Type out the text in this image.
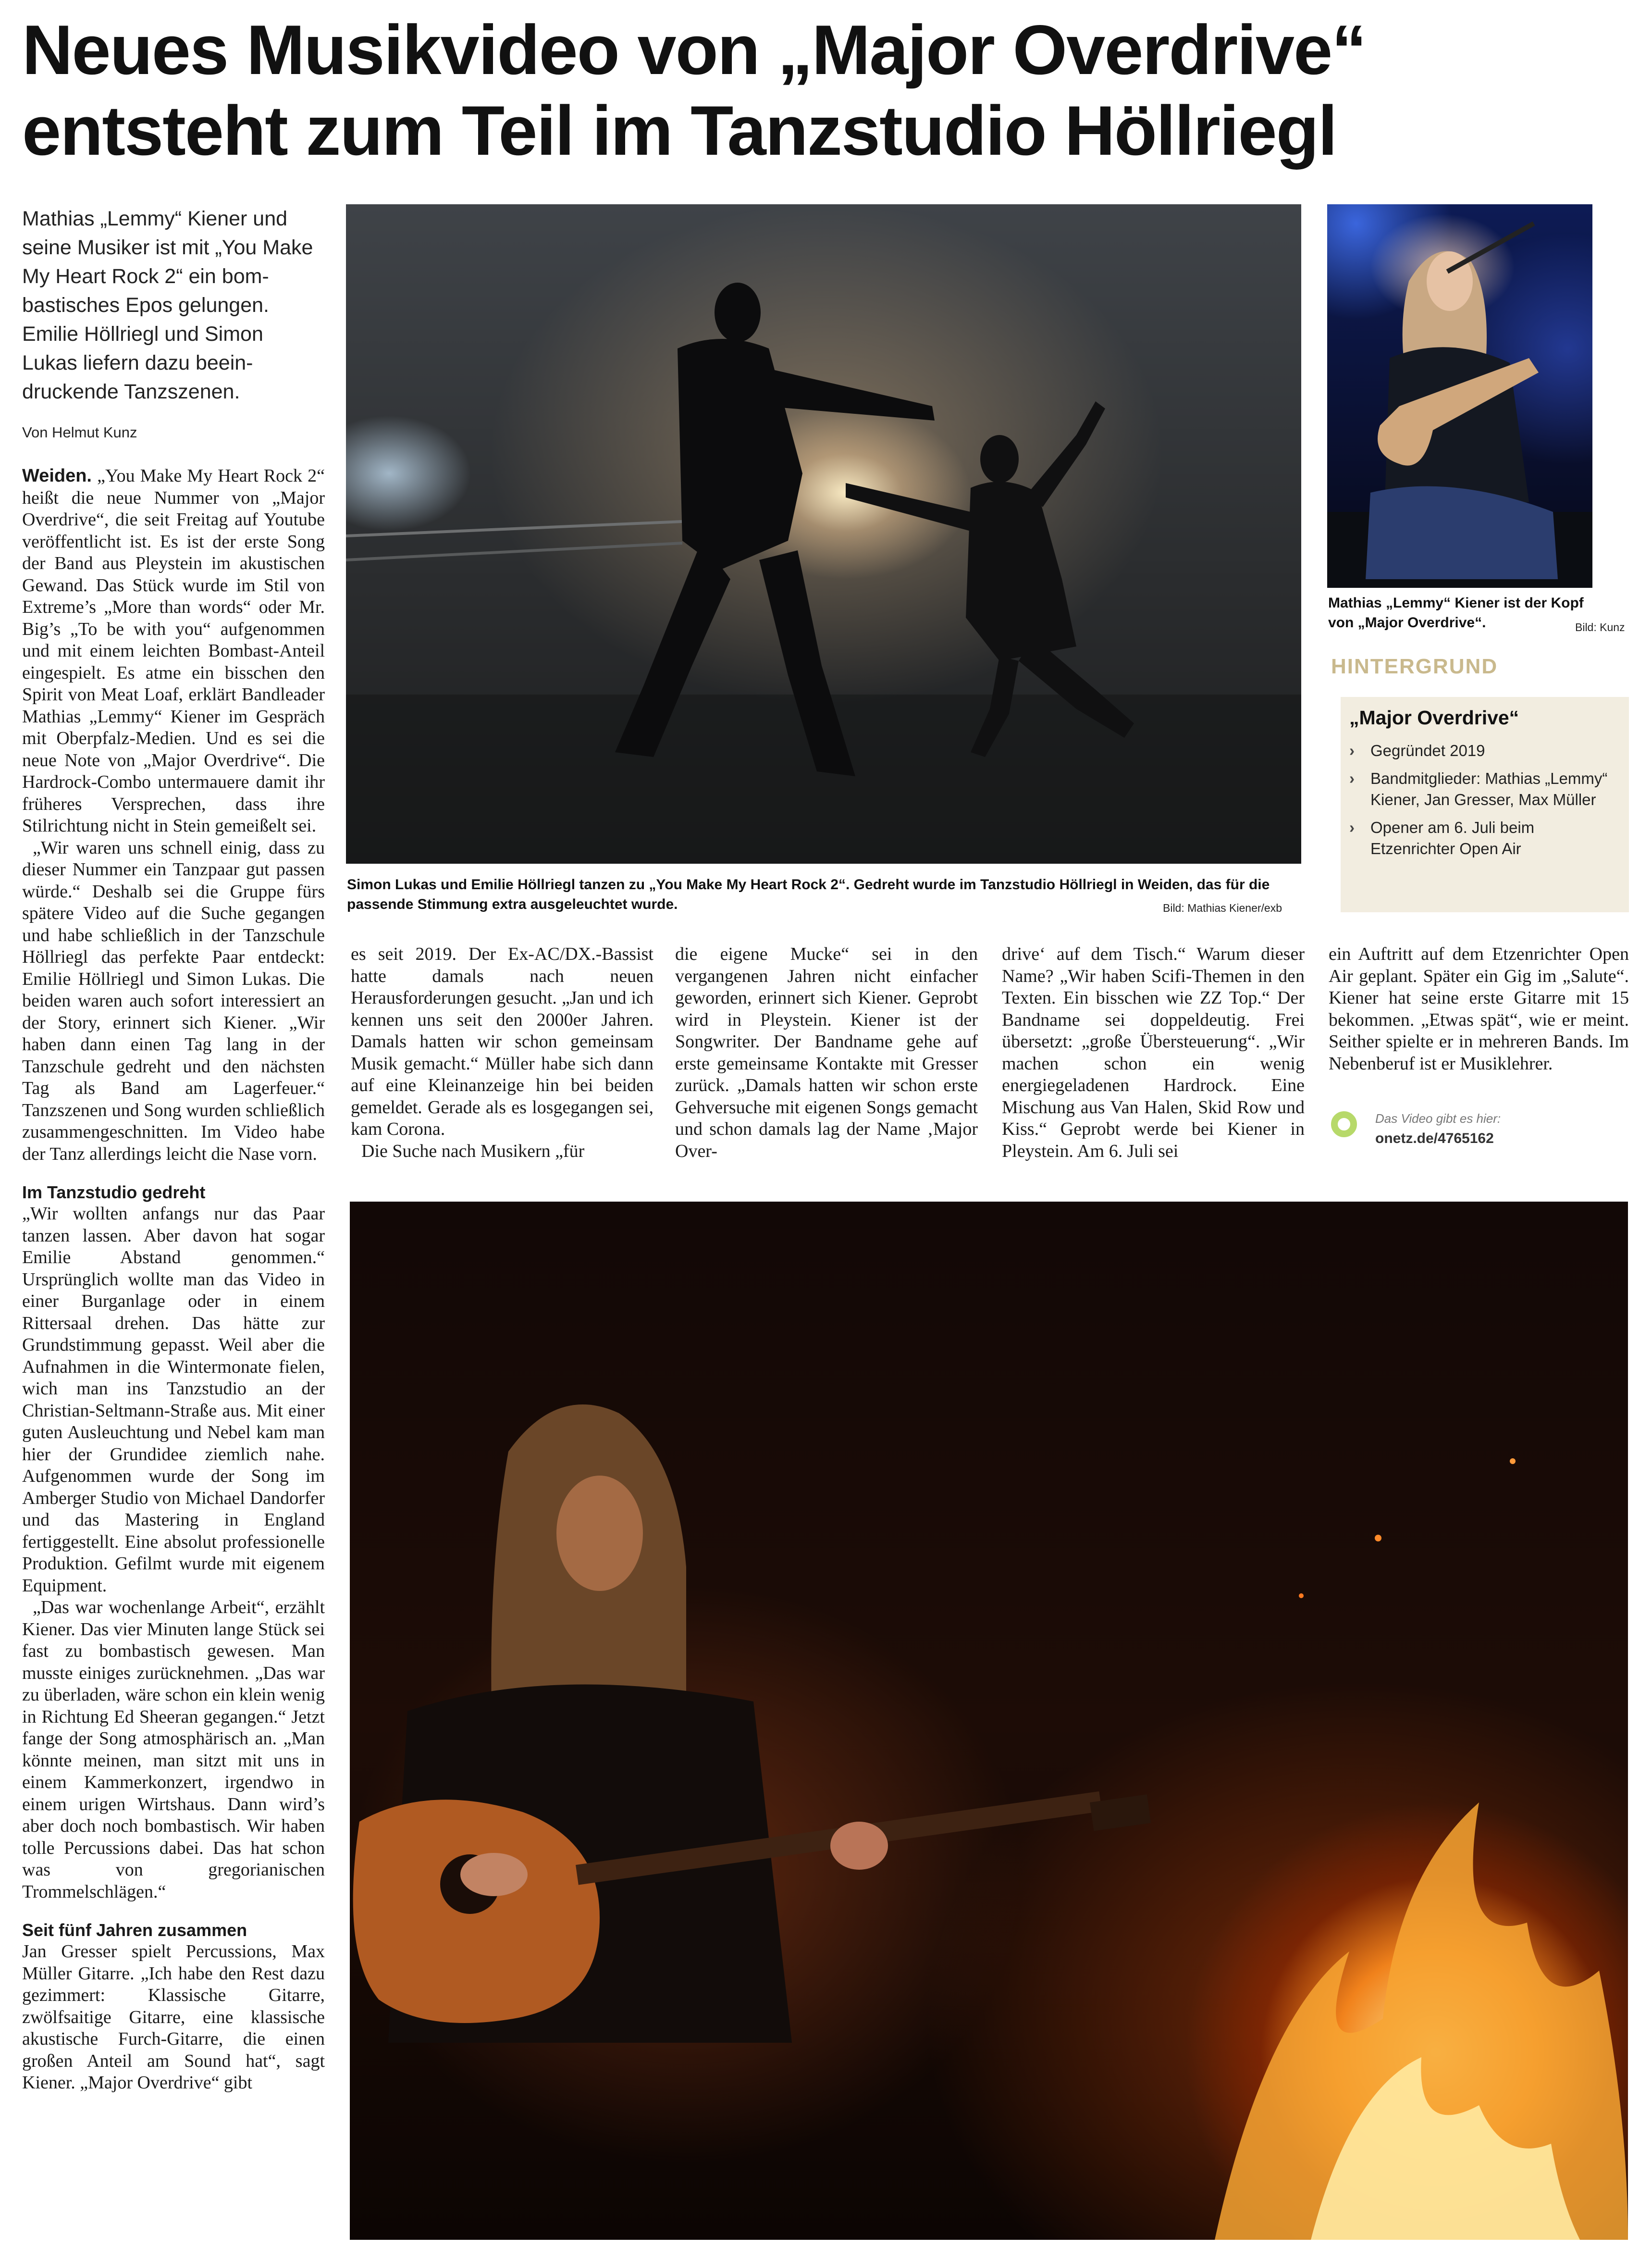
Neues Musikvideo von „Major Overdrive“
entsteht zum Teil im Tanzstudio Höllriegl
Mathias „Lemmy“ Kiener und
seine Musiker ist mit „You Make
My Heart Rock 2“ ein bom-
bastisches Epos gelungen.
Emilie Höllriegl und Simon
Lukas liefern dazu beein-
druckende Tanzszenen.
Von Helmut Kunz

Weiden. „You Make My Heart Rock 2“ heißt die neue Nummer von „Major Overdrive“, die seit Freitag auf Youtube veröffentlicht ist. Es ist der erste Song der Band aus Pleystein im akustischen Gewand. Das Stück wurde im Stil von Extreme’s „More than words“ oder Mr. Big’s „To be with you“ aufgenommen und mit einem leichten Bombast-Anteil eingespielt. Es atme ein bisschen den Spirit von Meat Loaf, erklärt Bandleader Mathias „Lemmy“ Kiener im Gespräch mit Oberpfalz-Medien. Und es sei die neue Note von „Major Overdrive“. Die Hardrock-Combo untermauere damit ihr früheres Versprechen, dass ihre Stilrichtung nicht in Stein gemeißelt sei.

„Wir waren uns schnell einig, dass zu dieser Nummer ein Tanzpaar gut passen würde.“ Deshalb sei die Gruppe fürs spätere Video auf die Suche gegangen und habe schließlich in der Tanzschule Höllriegl das perfekte Paar entdeckt: Emilie Höllriegl und Simon Lukas. Die beiden waren auch sofort interessiert an der Story, erinnert sich Kiener. „Wir haben dann einen Tag lang in der Tanzschule gedreht und den nächsten Tag als Band am Lagerfeuer.“ Tanzszenen und Song wurden schließlich zusammengeschnitten. Im Video habe der Tanz allerdings leicht die Nase vorn.

Im Tanzstudio gedreht

„Wir wollten anfangs nur das Paar tanzen lassen. Aber davon hat sogar Emilie Abstand genommen.“ Ursprünglich wollte man das Video in einer Burganlage oder in einem Rittersaal drehen. Das hätte zur Grundstimmung gepasst. Weil aber die Aufnahmen in die Wintermonate fielen, wich man ins Tanzstudio an der Christian-Seltmann-Straße aus. Mit einer guten Ausleuchtung und Nebel kam man hier der Grundidee ziemlich nahe. Aufgenommen wurde der Song im Amberger Studio von Michael Dandorfer und das Mastering in England fertiggestellt. Eine absolut professionelle Produktion. Gefilmt wurde mit eigenem Equipment.

„Das war wochenlange Arbeit“, erzählt Kiener. Das vier Minuten lange Stück sei fast zu bombastisch gewesen. Man musste einiges zurücknehmen. „Das war zu überladen, wäre schon ein klein wenig in Richtung Ed Sheeran gegangen.“ Jetzt fange der Song atmosphärisch an. „Man könnte meinen, man sitzt mit uns in einem Kammerkonzert, irgendwo in einem urigen Wirtshaus. Dann wird’s aber doch noch bombastisch. Wir haben tolle Percussions dabei. Das hat schon was von gregorianischen Trommelschlägen.“

Seit fünf Jahren zusammen

Jan Gresser spielt Percussions, Max Müller Gitarre. „Ich habe den Rest dazu gezimmert: Klassische Gitarre, zwölfsaitige Gitarre, eine klassische akustische Furch-Gitarre, die einen großen Anteil am Sound hat“, sagt Kiener. „Major Overdrive“ gibt

Simon Lukas und Emilie Höllriegl tanzen zu „You Make My Heart Rock 2“. Gedreht wurde im Tanzstudio Höllriegl in Weiden, das für die passende Stimmung extra ausgeleuchtet wurde.	Bild: Mathias Kiener/exb
Mathias „Lemmy“ Kiener ist der Kopf von „Major Overdrive“.	Bild: Kunz
HINTERGRUND
„Major Overdrive“
› Gegründet 2019
› Bandmitglieder: Mathias „Lemmy“ Kiener, Jan Gresser, Max Müller
› Opener am 6. Juli beim Etzenrichter Open Air

es seit 2019. Der Ex-AC/DX.-Bassist hatte damals nach neuen Herausforderungen gesucht. „Jan und ich kennen uns seit den 2000er Jahren. Damals hatten wir schon gemeinsam Musik gemacht.“ Müller habe sich dann auf eine Kleinanzeige hin bei beiden gemeldet. Gerade als es losgegangen sei, kam Corona.

Die Suche nach Musikern „für

die eigene Mucke“ sei in den vergangenen Jahren nicht einfacher geworden, erinnert sich Kiener. Geprobt wird in Pleystein. Kiener ist der Songwriter. Der Bandname gehe auf erste gemeinsame Kontakte mit Gresser zurück. „Damals hatten wir schon erste Gehversuche mit eigenen Songs gemacht und schon damals lag der Name ‚Major Over-

drive‘ auf dem Tisch.“ Warum dieser Name? „Wir haben Scifi-Themen in den Texten. Ein bisschen wie ZZ Top.“ Der Bandname sei doppeldeutig. Frei übersetzt: „große Übersteuerung“. „Wir machen schon ein wenig energiegeladenen Hardrock. Eine Mischung aus Van Halen, Skid Row und Kiss.“ Geprobt werde bei Kiener in Pleystein. Am 6. Juli sei

ein Auftritt auf dem Etzenrichter Open Air geplant. Später ein Gig im „Salute“. Kiener hat seine erste Gitarre mit 15 bekommen. „Etwas spät“, wie er meint. Seither spielte er in mehreren Bands. Im Nebenberuf ist er Musiklehrer.

Das Video gibt es hier:
onetz.de/4765162
